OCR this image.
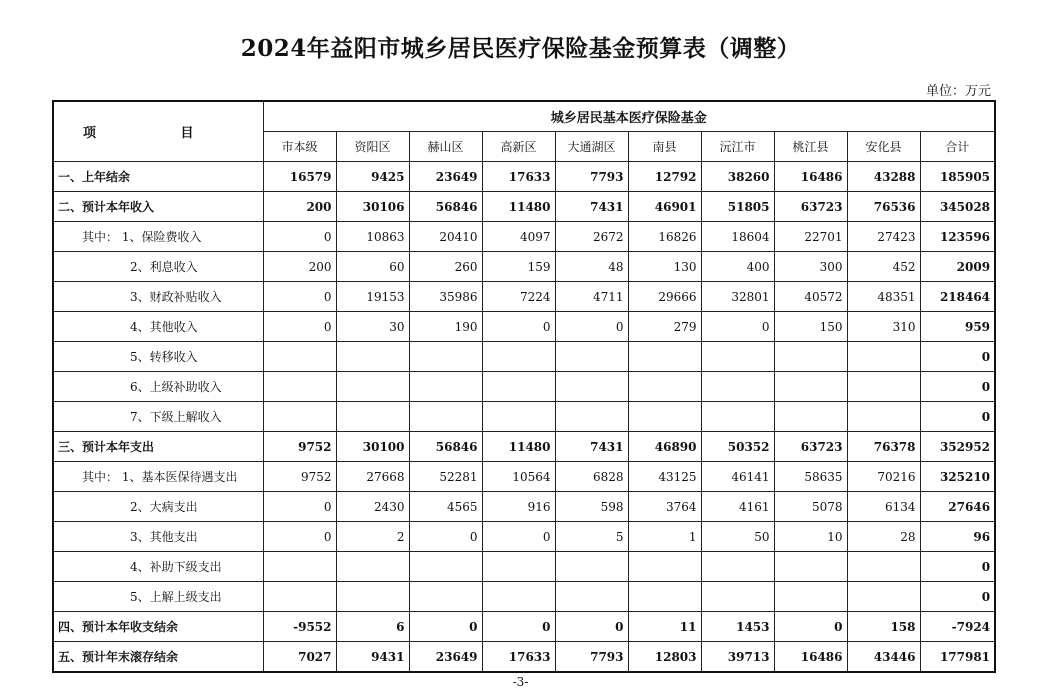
2024年益阳市城乡居民医疗保险基金预算表（调整）
单位：万元
项 目	城乡居民基本医疗保险基金									
	市本级	资阳区	赫山区	高新区	大通湖区	南县	沅江市	桃江县	安化县	合计
一、上年结余	16579	9425	23649	17633	7793	12792	38260	16486	43288	185905
二、预计本年收入	200	30106	56846	11480	7431	46901	51805	63723	76536	345028
其中： 1、保险费收入	0	10863	20410	4097	2672	16826	18604	22701	27423	123596
2、利息收入	200	60	260	159	48	130	400	300	452	2009
3、财政补贴收入	0	19153	35986	7224	4711	29666	32801	40572	48351	218464
4、其他收入	0	30	190	0	0	279	0	150	310	959
5、转移收入										0
6、上级补助收入										0
7、下级上解收入										0
三、预计本年支出	9752	30100	56846	11480	7431	46890	50352	63723	76378	352952
其中： 1、基本医保待遇支出	9752	27668	52281	10564	6828	43125	46141	58635	70216	325210
2、大病支出	0	2430	4565	916	598	3764	4161	5078	6134	27646
3、其他支出	0	2	0	0	5	1	50	10	28	96
4、补助下级支出										0
5、上解上级支出										0
四、预计本年收支结余	-9552	6	0	0	0	11	1453	0	158	-7924
五、预计年末滚存结余	7027	9431	23649	17633	7793	12803	39713	16486	43446	177981
-3-
